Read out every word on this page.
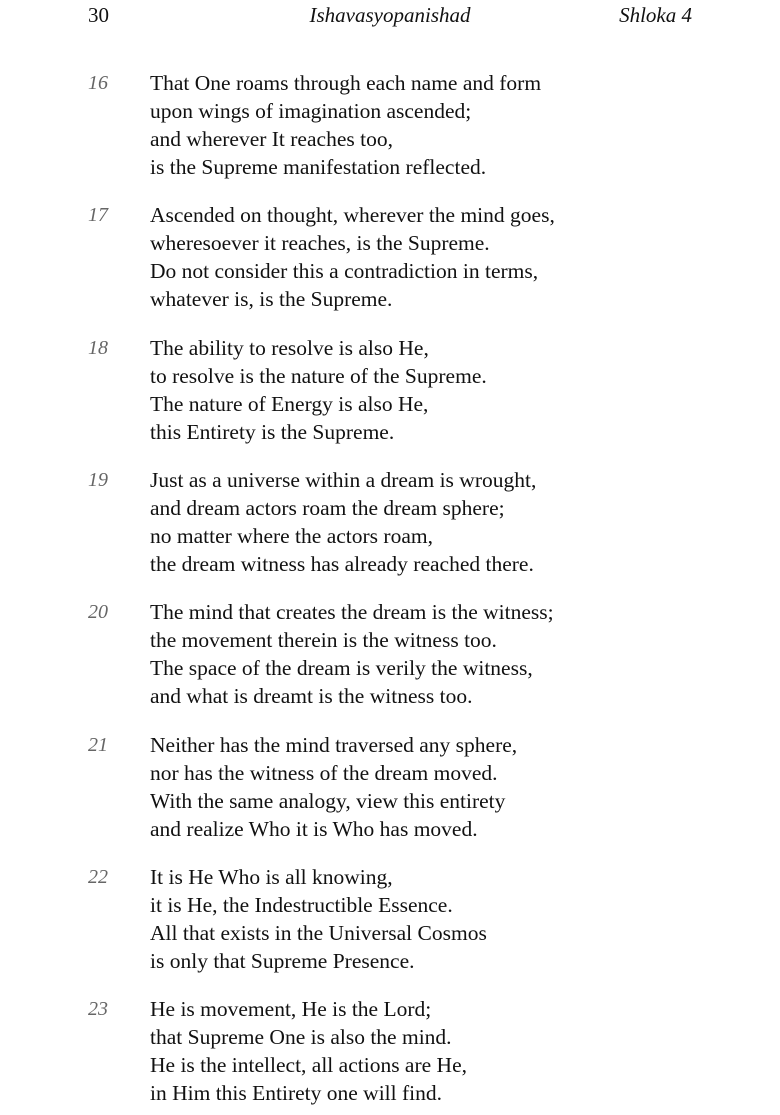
30	Ishavasyopanishad	Shloka 4
16 That One roams through each name and form
upon wings of imagination ascended;
and wherever It reaches too,
is the Supreme manifestation reflected.
17 Ascended on thought, wherever the mind goes,
wheresoever it reaches, is the Supreme.
Do not consider this a contradiction in terms,
whatever is, is the Supreme.
18 The ability to resolve is also He,
to resolve is the nature of the Supreme.
The nature of Energy is also He,
this Entirety is the Supreme.
19 Just as a universe within a dream is wrought,
and dream actors roam the dream sphere;
no matter where the actors roam,
the dream witness has already reached there.
20 The mind that creates the dream is the witness;
the movement therein is the witness too.
The space of the dream is verily the witness,
and what is dreamt is the witness too.
21 Neither has the mind traversed any sphere,
nor has the witness of the dream moved.
With the same analogy, view this entirety
and realize Who it is Who has moved.
22 It is He Who is all knowing,
it is He, the Indestructible Essence.
All that exists in the Universal Cosmos
is only that Supreme Presence.
23 He is movement, He is the Lord;
that Supreme One is also the mind.
He is the intellect, all actions are He,
in Him this Entirety one will find.
